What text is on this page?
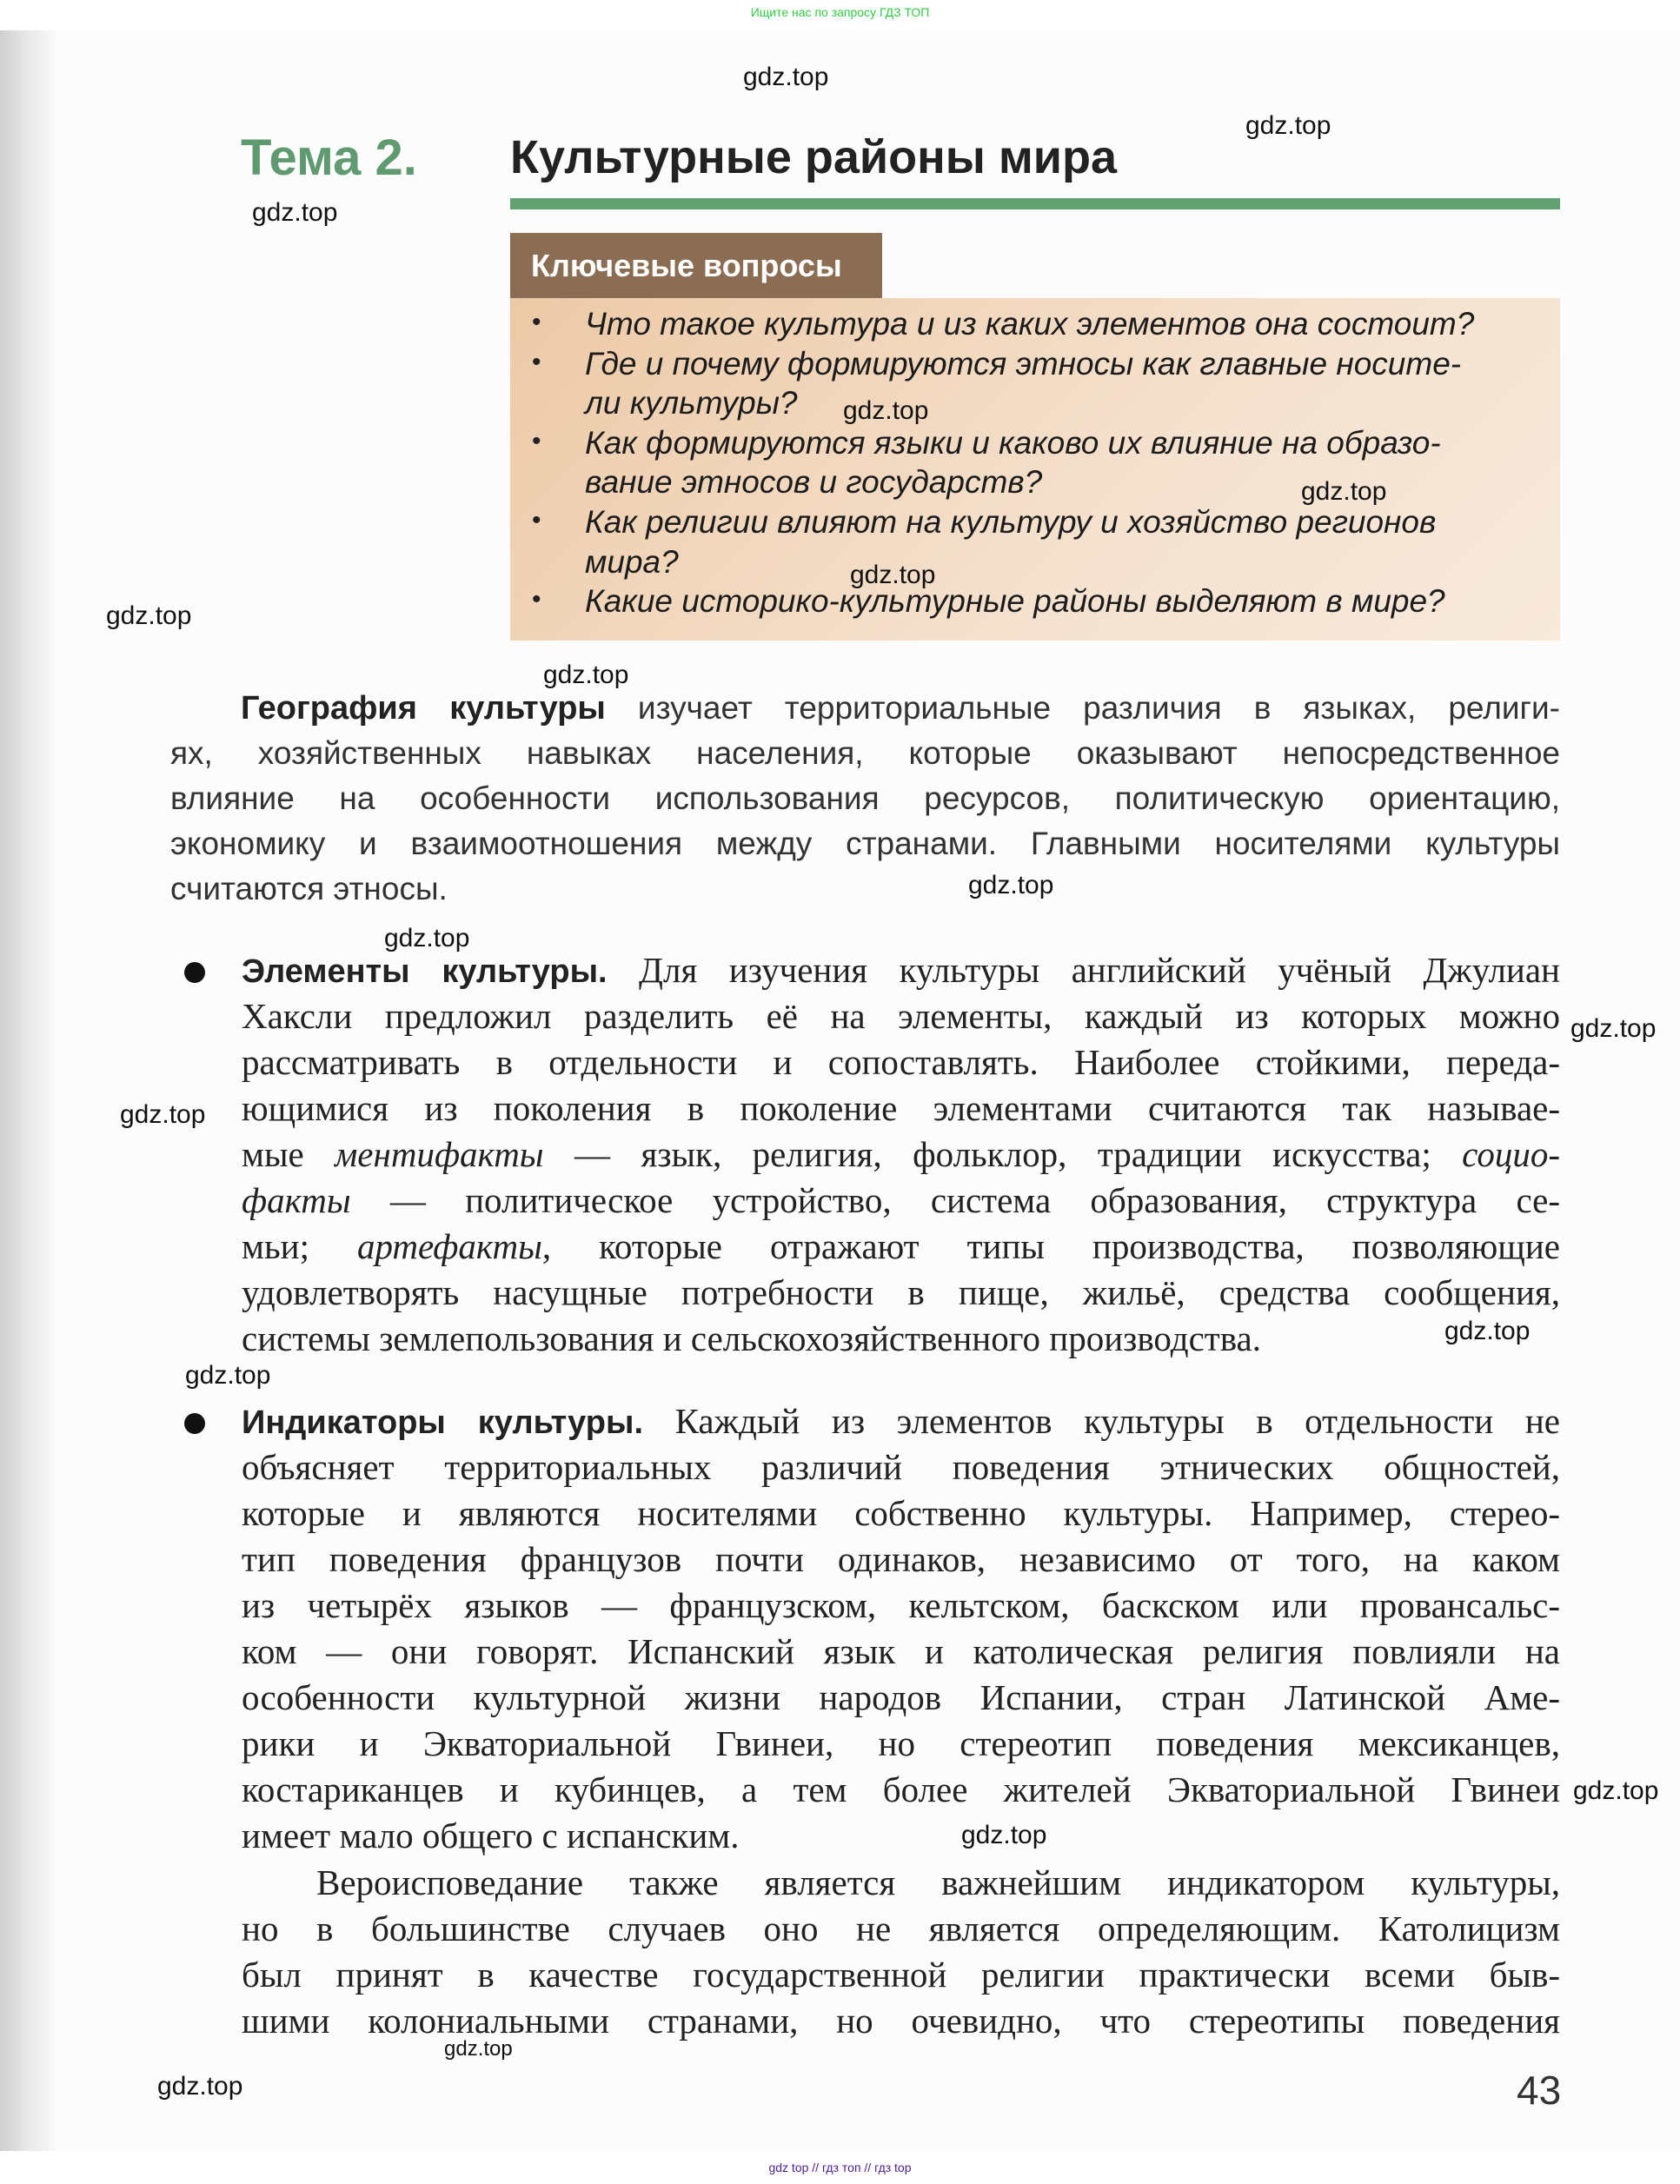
Ищите нас по запросу ГДЗ ТОП
gdz top // гдз топ // гдз top
Тема 2. Культурные районы мира
Ключевые вопросы
• Что такое культура и из каких элементов она состоит?
• Где и почему формируются этносы как главные носите-
ли культуры?
• Как формируются языки и каково их влияние на образо-
вание этносов и государств?
• Как религии влияют на культуру и хозяйство регионов
мира?
• Какие историко-культурные районы выделяют в мире?
География культуры изучает территориальные различия в языках, религи-
ях, хозяйственных навыках населения, которые оказывают непосредственное
влияние на особенности использования ресурсов, политическую ориентацию,
экономику и взаимоотношения между странами. Главными носителями культуры
считаются этносы.
Элементы культуры. Для изучения культуры английский учёный Джулиан
Хаксли предложил разделить её на элементы, каждый из которых можно
рассматривать в отдельности и сопоставлять. Наиболее стойкими, переда-
ющимися из поколения в поколение элементами считаются так называе-
мые ментифакты — язык, религия, фольклор, традиции искусства; социо-
факты — политическое устройство, система образования, структура се-
мьи; артефакты, которые отражают типы производства, позволяющие
удовлетворять насущные потребности в пище, жильё, средства сообщения,
системы землепользования и сельскохозяйственного производства.
Индикаторы культуры. Каждый из элементов культуры в отдельности не
объясняет территориальных различий поведения этнических общностей,
которые и являются носителями собственно культуры. Например, стерео-
тип поведения французов почти одинаков, независимо от того, на каком
из четырёх языков — французском, кельтском, баскском или провансальс-
ком — они говорят. Испанский язык и католическая религия повлияли на
особенности культурной жизни народов Испании, стран Латинской Аме-
рики и Экваториальной Гвинеи, но стереотип поведения мексиканцев,
костариканцев и кубинцев, а тем более жителей Экваториальной Гвинеи
имеет мало общего с испанским.
Вероисповедание также является важнейшим индикатором культуры,
но в большинстве случаев оно не является определяющим. Католицизм
был принят в качестве государственной религии практически всеми быв-
шими колониальными странами, но очевидно, что стереотипы поведения
gdz.top
gdz.top
gdz.top
gdz.top
gdz.top
gdz.top
gdz.top
gdz.top
gdz.top
gdz.top
gdz.top
gdz.top
gdz.top
gdz.top
gdz.top
gdz.top
gdz.top
gdz.top	43
